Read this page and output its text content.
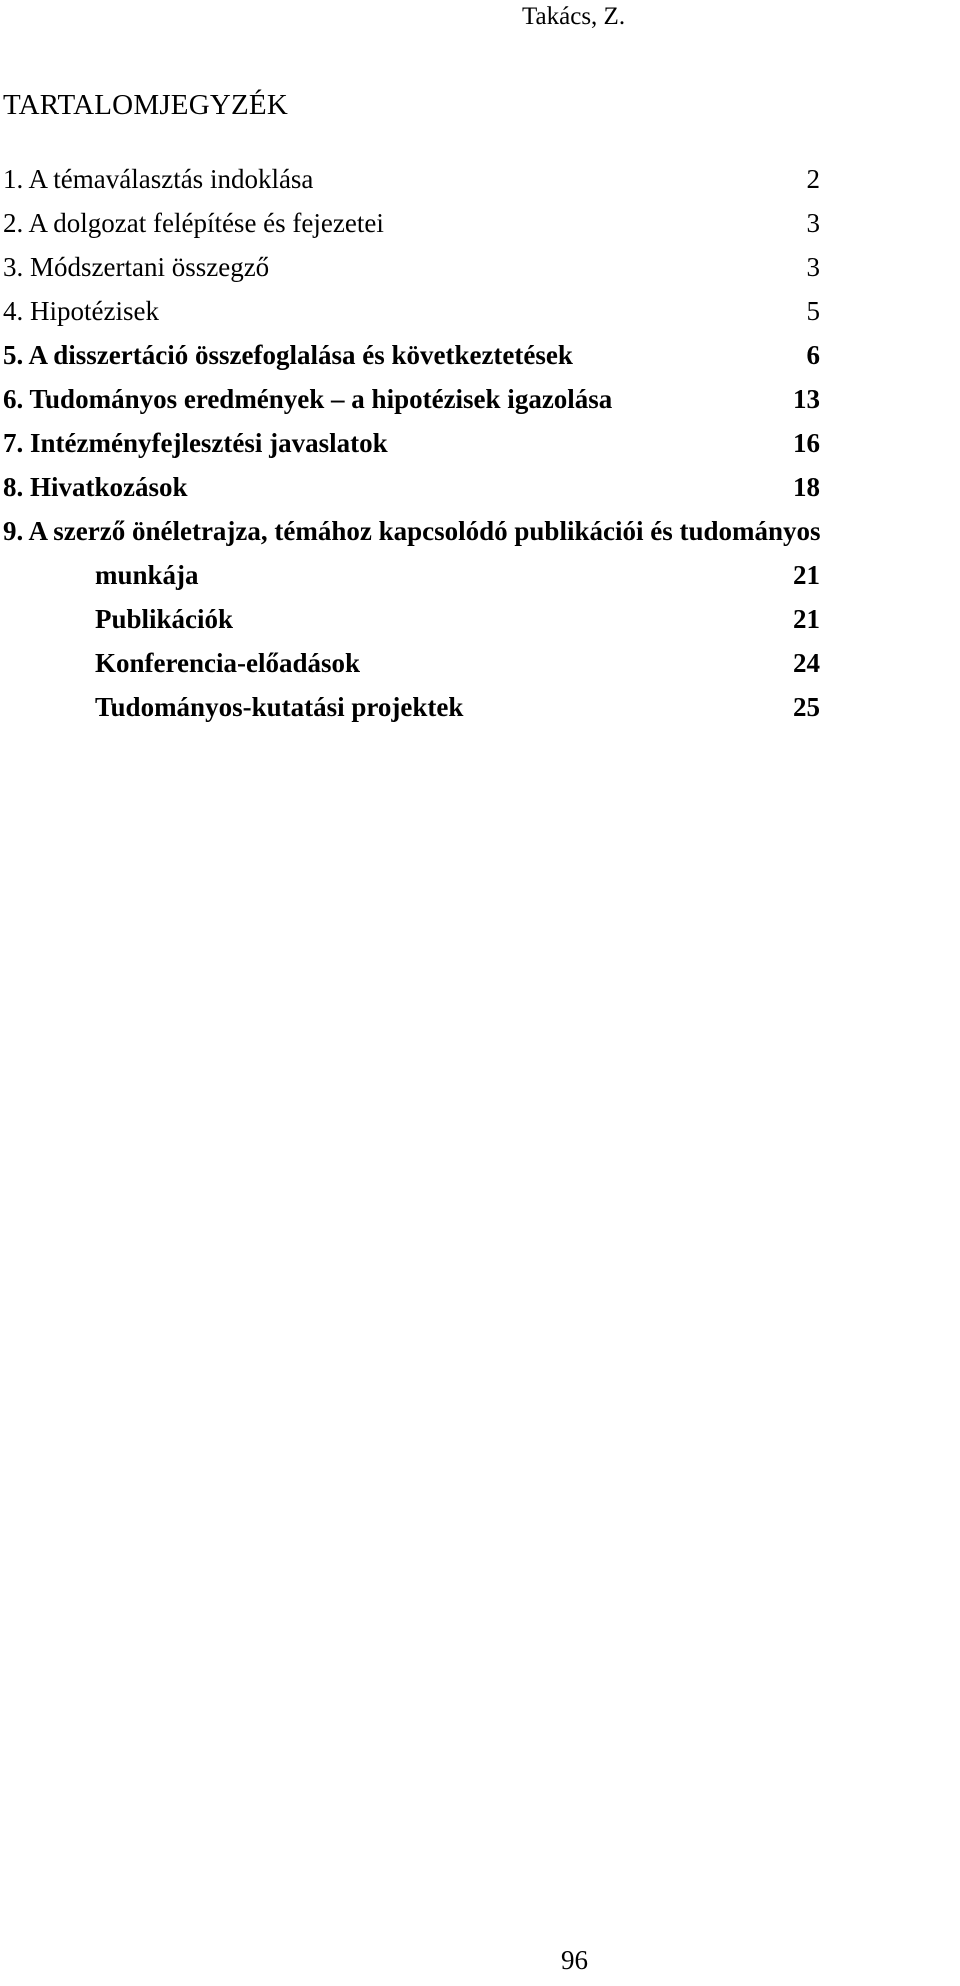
Takács, Z.
TARTALOMJEGYZÉK
1. A témaválasztás indoklása	2
2. A dolgozat felépítése és fejezetei	3
3. Módszertani összegző	3
4. Hipotézisek	5
5. A disszertáció összefoglalása és következtetések	6
6. Tudományos eredmények – a hipotézisek igazolása	13
7. Intézményfejlesztési javaslatok	16
8. Hivatkozások	18
9. A szerző önéletrajza, témához kapcsolódó publikációi és tudományos
munkája	21
Publikációk	21
Konferencia-előadások	24
Tudományos-kutatási projektek	25
96
